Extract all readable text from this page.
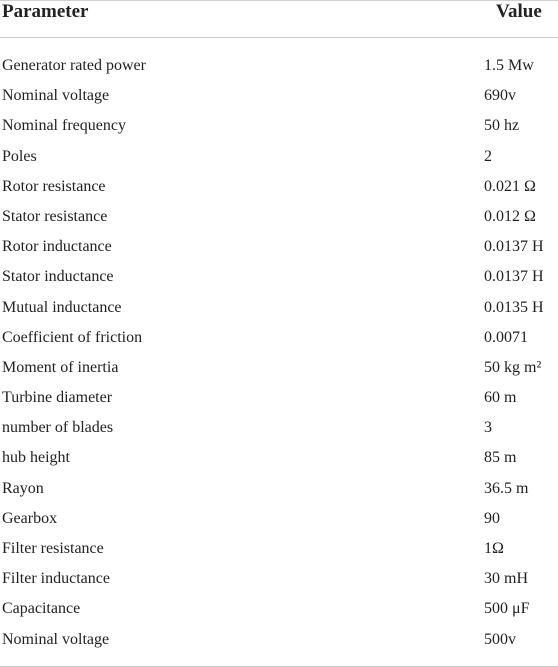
Parameter	Value
Generator rated power	1.5 Mw
Nominal voltage	690v
Nominal frequency	50 hz
Poles	2
Rotor resistance	0.021 Ω
Stator resistance	0.012 Ω
Rotor inductance	0.0137 H
Stator inductance	0.0137 H
Mutual inductance	0.0135 H
Coefficient of friction	0.0071
Moment of inertia	50 kg m²
Turbine diameter	60 m
number of blades	3
hub height	85 m
Rayon	36.5 m
Gearbox	90
Filter resistance	1Ω
Filter inductance	30 mH
Capacitance	500 μF
Nominal voltage	500v
